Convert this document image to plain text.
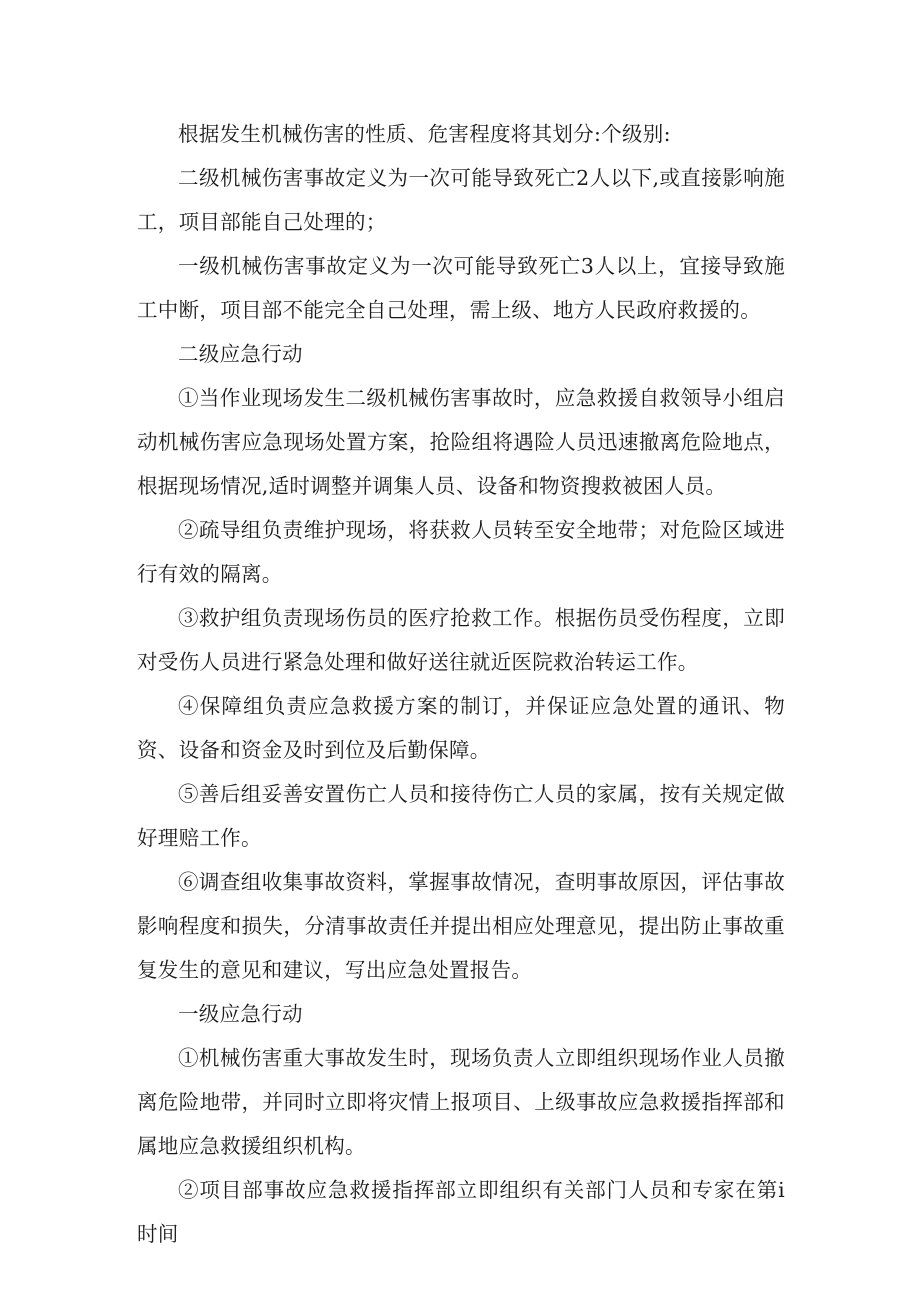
根据发生机械伤害的性质、危害程度将其划分:个级别:

二级机械伤害事故定义为一次可能导致死亡2人以下,或直接影响施工，项目部能自己处理的；

一级机械伤害事故定义为一次可能导致死亡3人以上，宜接导致施工中断，项目部不能完全自己处理，需上级、地方人民政府救援的。

二级应急行动

①当作业现场发生二级机械伤害事故时，应急救援自救领导小组启动机械伤害应急现场处置方案，抢险组将遇险人员迅速撤离危险地点，根据现场情况,适时调整并调集人员、设备和物资搜救被困人员。

②疏导组负责维护现场，将获救人员转至安全地带；对危险区域进行有效的隔离。

③救护组负责现场伤员的医疗抢救工作。根据伤员受伤程度，立即对受伤人员进行紧急处理和做好送往就近医院救治转运工作。

④保障组负责应急救援方案的制订，并保证应急处置的通讯、物资、设备和资金及时到位及后勤保障。

⑤善后组妥善安置伤亡人员和接待伤亡人员的家属，按有关规定做好理赔工作。

⑥调查组收集事故资料，掌握事故情况，查明事故原因，评估事故影响程度和损失，分清事故责任并提出相应处理意见，提出防止事故重复发生的意见和建议，写出应急处置报告。

一级应急行动

①机械伤害重大事故发生时，现场负责人立即组织现场作业人员撤离危险地带，并同时立即将灾情上报项目、上级事故应急救援指挥部和属地应急救援组织机构。

②项目部事故应急救援指挥部立即组织有关部门人员和专家在第i时间
